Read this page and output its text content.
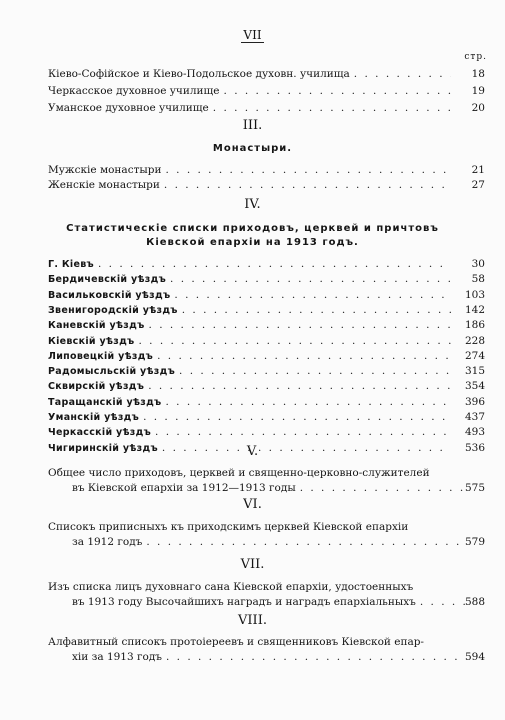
VII
стр.
Кіево-Софійское и Кіево-Подольское духовн. училища . . .	18
Черкасское духовное училище . . .	19
Уманское духовное училище . . .	20
III.
Монастыри.
Мужскіе монастыри . . .	21
Женскіе монастыри . . .	27
IV.
Статистическіе списки приходовъ, церквей и причтовъ
Кіевской епархіи на 1913 годъ.
Г. Кіевъ . . .	30
Бердичевскій уѣздъ . . .	58
Васильковскій уѣздъ . . .	103
Звенигородскій уѣздъ . . .	142
Каневскій уѣздъ . . .	186
Кіевскій уѣздъ . . .	228
Липовецкій уѣздъ . . .	274
Радомысльскій уѣздъ . . .	315
Сквирскій уѣздъ . . .	354
Таращанскій уѣздъ . . .	396
Уманскій уѣздъ . . .	437
Черкасскій уѣздъ . . .	493
Чигиринскій уѣздъ . . .	536
V.
Общее число приходовъ, церквей и священно-церковно-служителей
въ Кіевской епархіи за 1912—1913 годы . . .	575
VI.
Списокъ приписныхъ къ приходскимъ церквей Кіевской епархіи
за 1912 годъ . . .	579
VII.
Изъ списка лицъ духовнаго сана Кіевской епархіи, удостоенныхъ
въ 1913 году Высочайшихъ наградъ и наградъ епархіальныхъ . . .	588
VIII.
Алфавитный списокъ протоіереевъ и священниковъ Кіевской епар-
хіи за 1913 годъ . . .	594
